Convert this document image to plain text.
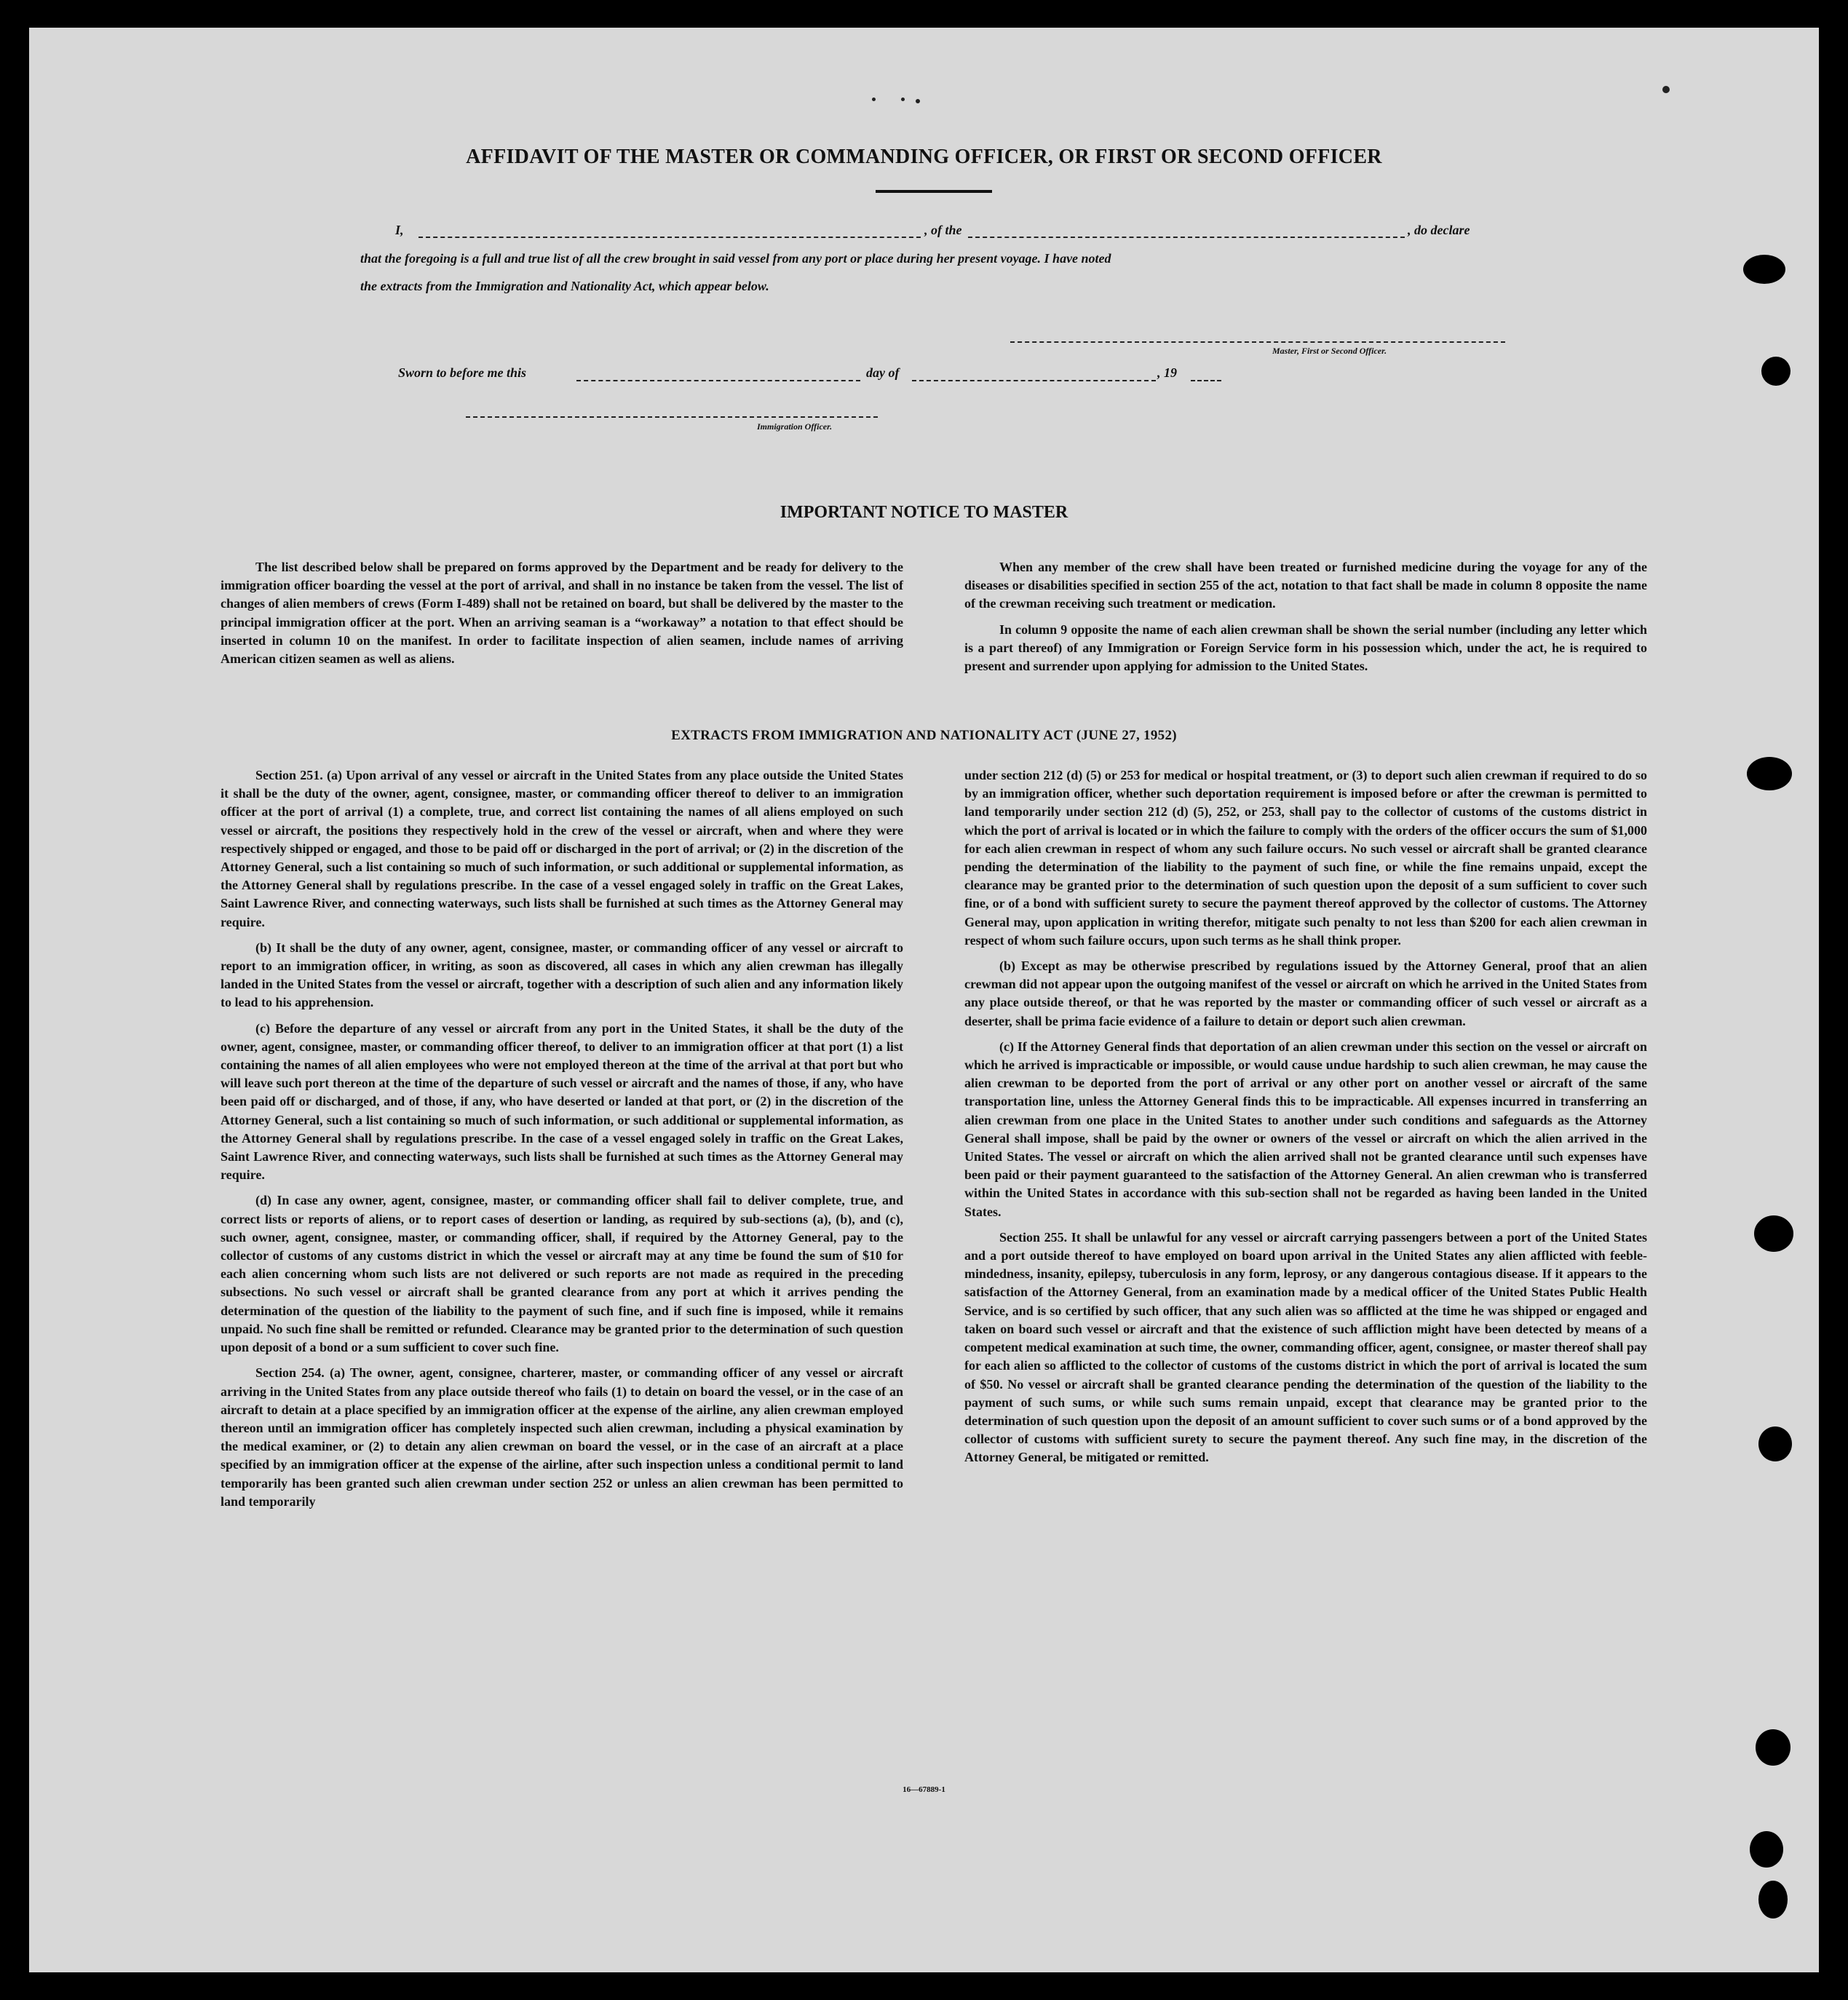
AFFIDAVIT OF THE MASTER OR COMMANDING OFFICER, OR FIRST OR SECOND OFFICER
I,	, of the	, do declare
that the foregoing is a full and true list of all the crew brought in said vessel from any port or place during her present voyage. I have noted
the extracts from the Immigration and Nationality Act, which appear below.
Master, First or Second Officer.
Sworn to before me this	day of	, 19
Immigration Officer.
IMPORTANT NOTICE TO MASTER

The list described below shall be prepared on forms approved by the Department and be ready for delivery to the immigration officer boarding the vessel at the port of arrival, and shall in no instance be taken from the vessel. The list of changes of alien members of crews (Form I-489) shall not be retained on board, but shall be delivered by the master to the principal immigration officer at the port. When an arriving seaman is a “workaway” a notation to that effect should be inserted in column 10 on the manifest. In order to facilitate inspection of alien seamen, include names of arriving American citizen seamen as well as aliens.

When any member of the crew shall have been treated or furnished medicine during the voyage for any of the diseases or disabilities specified in section 255 of the act, notation to that fact shall be made in column 8 opposite the name of the crewman receiving such treatment or medication.

In column 9 opposite the name of each alien crewman shall be shown the serial number (including any letter which is a part thereof) of any Immigration or Foreign Service form in his possession which, under the act, he is required to present and surrender upon applying for admission to the United States.

EXTRACTS FROM IMMIGRATION AND NATIONALITY ACT (JUNE 27, 1952)

Section 251. (a) Upon arrival of any vessel or aircraft in the United States from any place outside the United States it shall be the duty of the owner, agent, consignee, master, or commanding officer thereof to deliver to an immigration officer at the port of arrival (1) a complete, true, and correct list containing the names of all aliens employed on such vessel or aircraft, the positions they respectively hold in the crew of the vessel or aircraft, when and where they were respectively shipped or engaged, and those to be paid off or discharged in the port of arrival; or (2) in the discretion of the Attorney General, such a list containing so much of such information, or such additional or supplemental information, as the Attorney General shall by regulations prescribe. In the case of a vessel engaged solely in traffic on the Great Lakes, Saint Lawrence River, and connecting waterways, such lists shall be furnished at such times as the Attorney General may require.

(b) It shall be the duty of any owner, agent, consignee, master, or commanding officer of any vessel or aircraft to report to an immigration officer, in writing, as soon as discovered, all cases in which any alien crewman has illegally landed in the United States from the vessel or aircraft, together with a description of such alien and any information likely to lead to his apprehension.

(c) Before the departure of any vessel or aircraft from any port in the United States, it shall be the duty of the owner, agent, consignee, master, or commanding officer thereof, to deliver to an immigration officer at that port (1) a list containing the names of all alien employees who were not employed thereon at the time of the arrival at that port but who will leave such port thereon at the time of the departure of such vessel or aircraft and the names of those, if any, who have been paid off or discharged, and of those, if any, who have deserted or landed at that port, or (2) in the discretion of the Attorney General, such a list containing so much of such information, or such additional or supplemental information, as the Attorney General shall by regulations prescribe. In the case of a vessel engaged solely in traffic on the Great Lakes, Saint Lawrence River, and connecting waterways, such lists shall be furnished at such times as the Attorney General may require.

(d) In case any owner, agent, consignee, master, or commanding officer shall fail to deliver complete, true, and correct lists or reports of aliens, or to report cases of desertion or landing, as required by sub-sections (a), (b), and (c), such owner, agent, consignee, master, or commanding officer, shall, if required by the Attorney General, pay to the collector of customs of any customs district in which the vessel or aircraft may at any time be found the sum of $10 for each alien concerning whom such lists are not delivered or such reports are not made as required in the preceding subsections. No such vessel or aircraft shall be granted clearance from any port at which it arrives pending the determination of the question of the liability to the payment of such fine, and if such fine is imposed, while it remains unpaid. No such fine shall be remitted or refunded. Clearance may be granted prior to the determination of such question upon deposit of a bond or a sum sufficient to cover such fine.

Section 254. (a) The owner, agent, consignee, charterer, master, or commanding officer of any vessel or aircraft arriving in the United States from any place outside thereof who fails (1) to detain on board the vessel, or in the case of an aircraft to detain at a place specified by an immigration officer at the expense of the airline, any alien crewman employed thereon until an immigration officer has completely inspected such alien crewman, including a physical examination by the medical examiner, or (2) to detain any alien crewman on board the vessel, or in the case of an aircraft at a place specified by an immigration officer at the expense of the airline, after such inspection unless a conditional permit to land temporarily has been granted such alien crewman under section 252 or unless an alien crewman has been permitted to land temporarily

under section 212 (d) (5) or 253 for medical or hospital treatment, or (3) to deport such alien crewman if required to do so by an immigration officer, whether such deportation requirement is imposed before or after the crewman is permitted to land temporarily under section 212 (d) (5), 252, or 253, shall pay to the collector of customs of the customs district in which the port of arrival is located or in which the failure to comply with the orders of the officer occurs the sum of $1,000 for each alien crewman in respect of whom any such failure occurs. No such vessel or aircraft shall be granted clearance pending the determination of the liability to the payment of such fine, or while the fine remains unpaid, except the clearance may be granted prior to the determination of such question upon the deposit of a sum sufficient to cover such fine, or of a bond with sufficient surety to secure the payment thereof approved by the collector of customs. The Attorney General may, upon application in writing therefor, mitigate such penalty to not less than $200 for each alien crewman in respect of whom such failure occurs, upon such terms as he shall think proper.

(b) Except as may be otherwise prescribed by regulations issued by the Attorney General, proof that an alien crewman did not appear upon the outgoing manifest of the vessel or aircraft on which he arrived in the United States from any place outside thereof, or that he was reported by the master or commanding officer of such vessel or aircraft as a deserter, shall be prima facie evidence of a failure to detain or deport such alien crewman.

(c) If the Attorney General finds that deportation of an alien crewman under this section on the vessel or aircraft on which he arrived is impracticable or impossible, or would cause undue hardship to such alien crewman, he may cause the alien crewman to be deported from the port of arrival or any other port on another vessel or aircraft of the same transportation line, unless the Attorney General finds this to be impracticable. All expenses incurred in transferring an alien crewman from one place in the United States to another under such conditions and safeguards as the Attorney General shall impose, shall be paid by the owner or owners of the vessel or aircraft on which the alien arrived in the United States. The vessel or aircraft on which the alien arrived shall not be granted clearance until such expenses have been paid or their payment guaranteed to the satisfaction of the Attorney General. An alien crewman who is transferred within the United States in accordance with this sub-section shall not be regarded as having been landed in the United States.

Section 255. It shall be unlawful for any vessel or aircraft carrying passengers between a port of the United States and a port outside thereof to have employed on board upon arrival in the United States any alien afflicted with feeble-mindedness, insanity, epilepsy, tuberculosis in any form, leprosy, or any dangerous contagious disease. If it appears to the satisfaction of the Attorney General, from an examination made by a medical officer of the United States Public Health Service, and is so certified by such officer, that any such alien was so afflicted at the time he was shipped or engaged and taken on board such vessel or aircraft and that the existence of such affliction might have been detected by means of a competent medical examination at such time, the owner, commanding officer, agent, consignee, or master thereof shall pay for each alien so afflicted to the collector of customs of the customs district in which the port of arrival is located the sum of $50. No vessel or aircraft shall be granted clearance pending the determination of the question of the liability to the payment of such sums, or while such sums remain unpaid, except that clearance may be granted prior to the determination of such question upon the deposit of an amount sufficient to cover such sums or of a bond approved by the collector of customs with sufficient surety to secure the payment thereof. Any such fine may, in the discretion of the Attorney General, be mitigated or remitted.

16—67889-1
